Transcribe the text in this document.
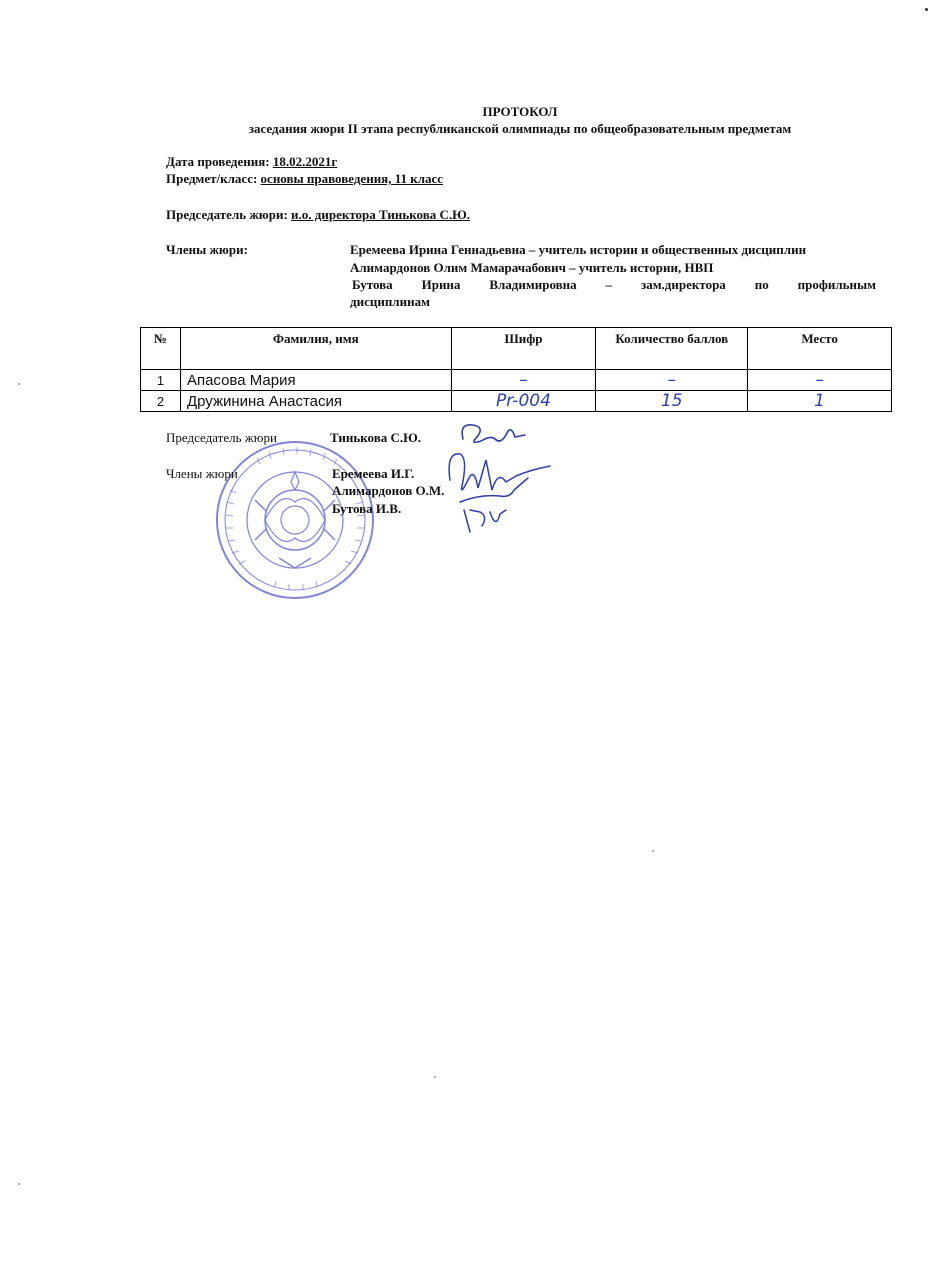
ПРОТОКОЛ
заседания жюри II этапа республиканской олимпиады по общеобразовательным предметам
Дата проведения: 18.02.2021г
Предмет/класс: основы правоведения, 11 класс
Председатель жюри: и.о. директора Тинькова С.Ю.
Члены жюри:	Еремеева Ирина Геннадьевна – учитель истории и общественных дисциплин
Алимардонов Олим Мамарачабович – учитель истории, НВП
Бутова Ирина Владимировна – зам.директора по профильным
дисциплинам
№	Фамилия, имя	Шифр	Количество баллов	Место
1	Апасова Мария	–	–	–
2	Дружинина Анастасия	Pr-004	15	1
Председатель жюри	Тинькова С.Ю.
Члены жюри	Еремеева И.Г.
Алимардонов О.М.
Бутова И.В.
